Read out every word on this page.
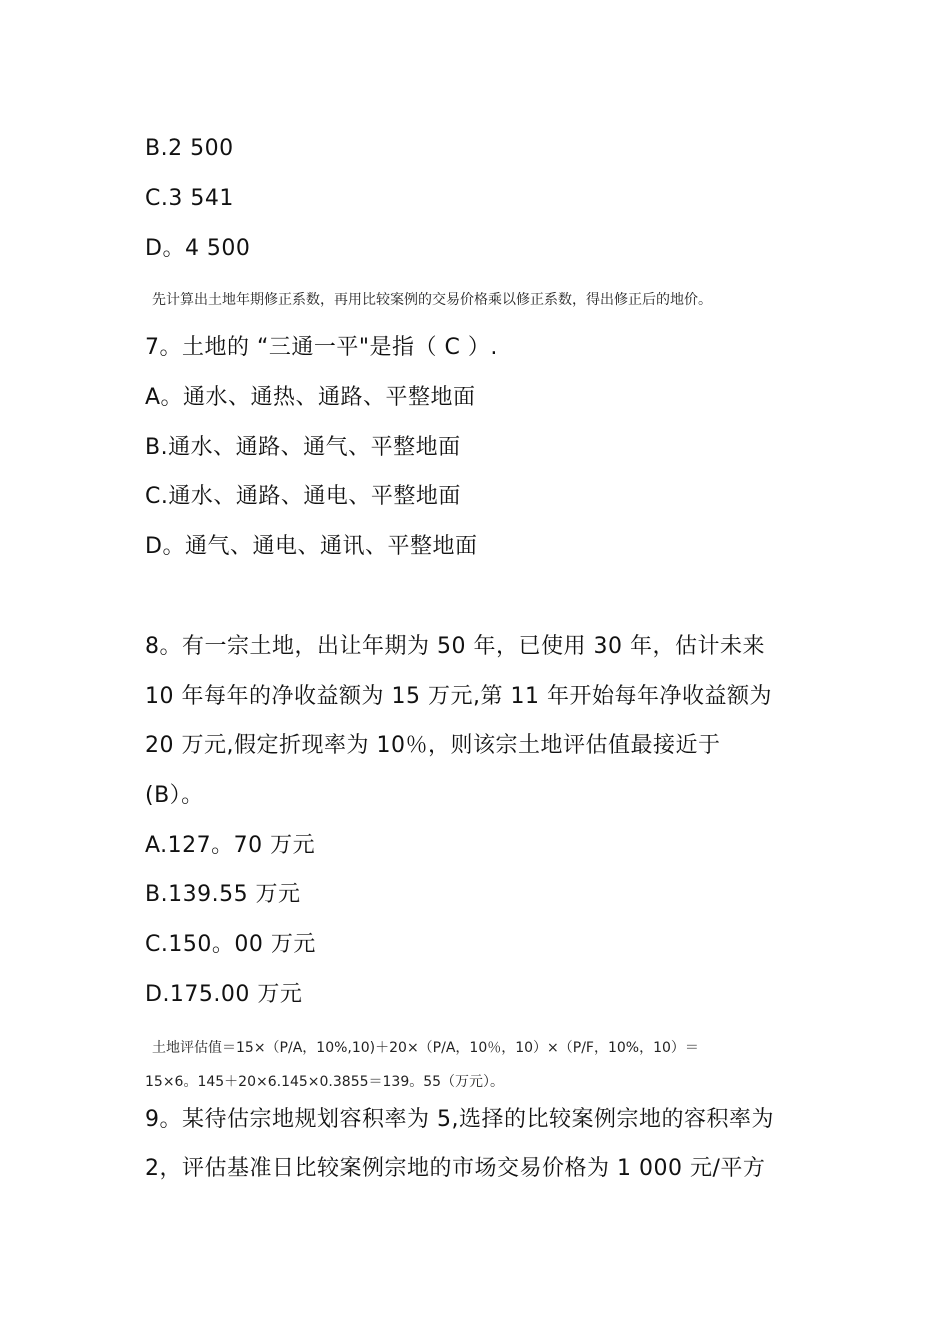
B.2 500
C.3 541
D。4 500
先计算出土地年期修正系数，再用比较案例的交易价格乘以修正系数，得出修正后的地价。
7。土地的 “三通一平"是指（ C ）.
A。通水、通热、通路、平整地面
B.通水、通路、通气、平整地面
C.通水、通路、通电、平整地面
D。通气、通电、通讯、平整地面
8。有一宗土地，出让年期为 50 年，已使用 30 年，估计未来
10 年每年的净收益额为 15 万元,第 11 年开始每年净收益额为
20 万元,假定折现率为 10％，则该宗土地评估值最接近于
(B）。
A.127。70 万元
B.139.55 万元
C.150。00 万元
D.175.00 万元
土地评估值＝15×（P/A，10%,10)＋20×（P/A，10％，10）×（P/F，10%，10）＝
15×6。145＋20×6.145×0.3855＝139。55（万元）。
9。某待估宗地规划容积率为 5,选择的比较案例宗地的容积率为
2，评估基准日比较案例宗地的市场交易价格为 1 000 元/平方
